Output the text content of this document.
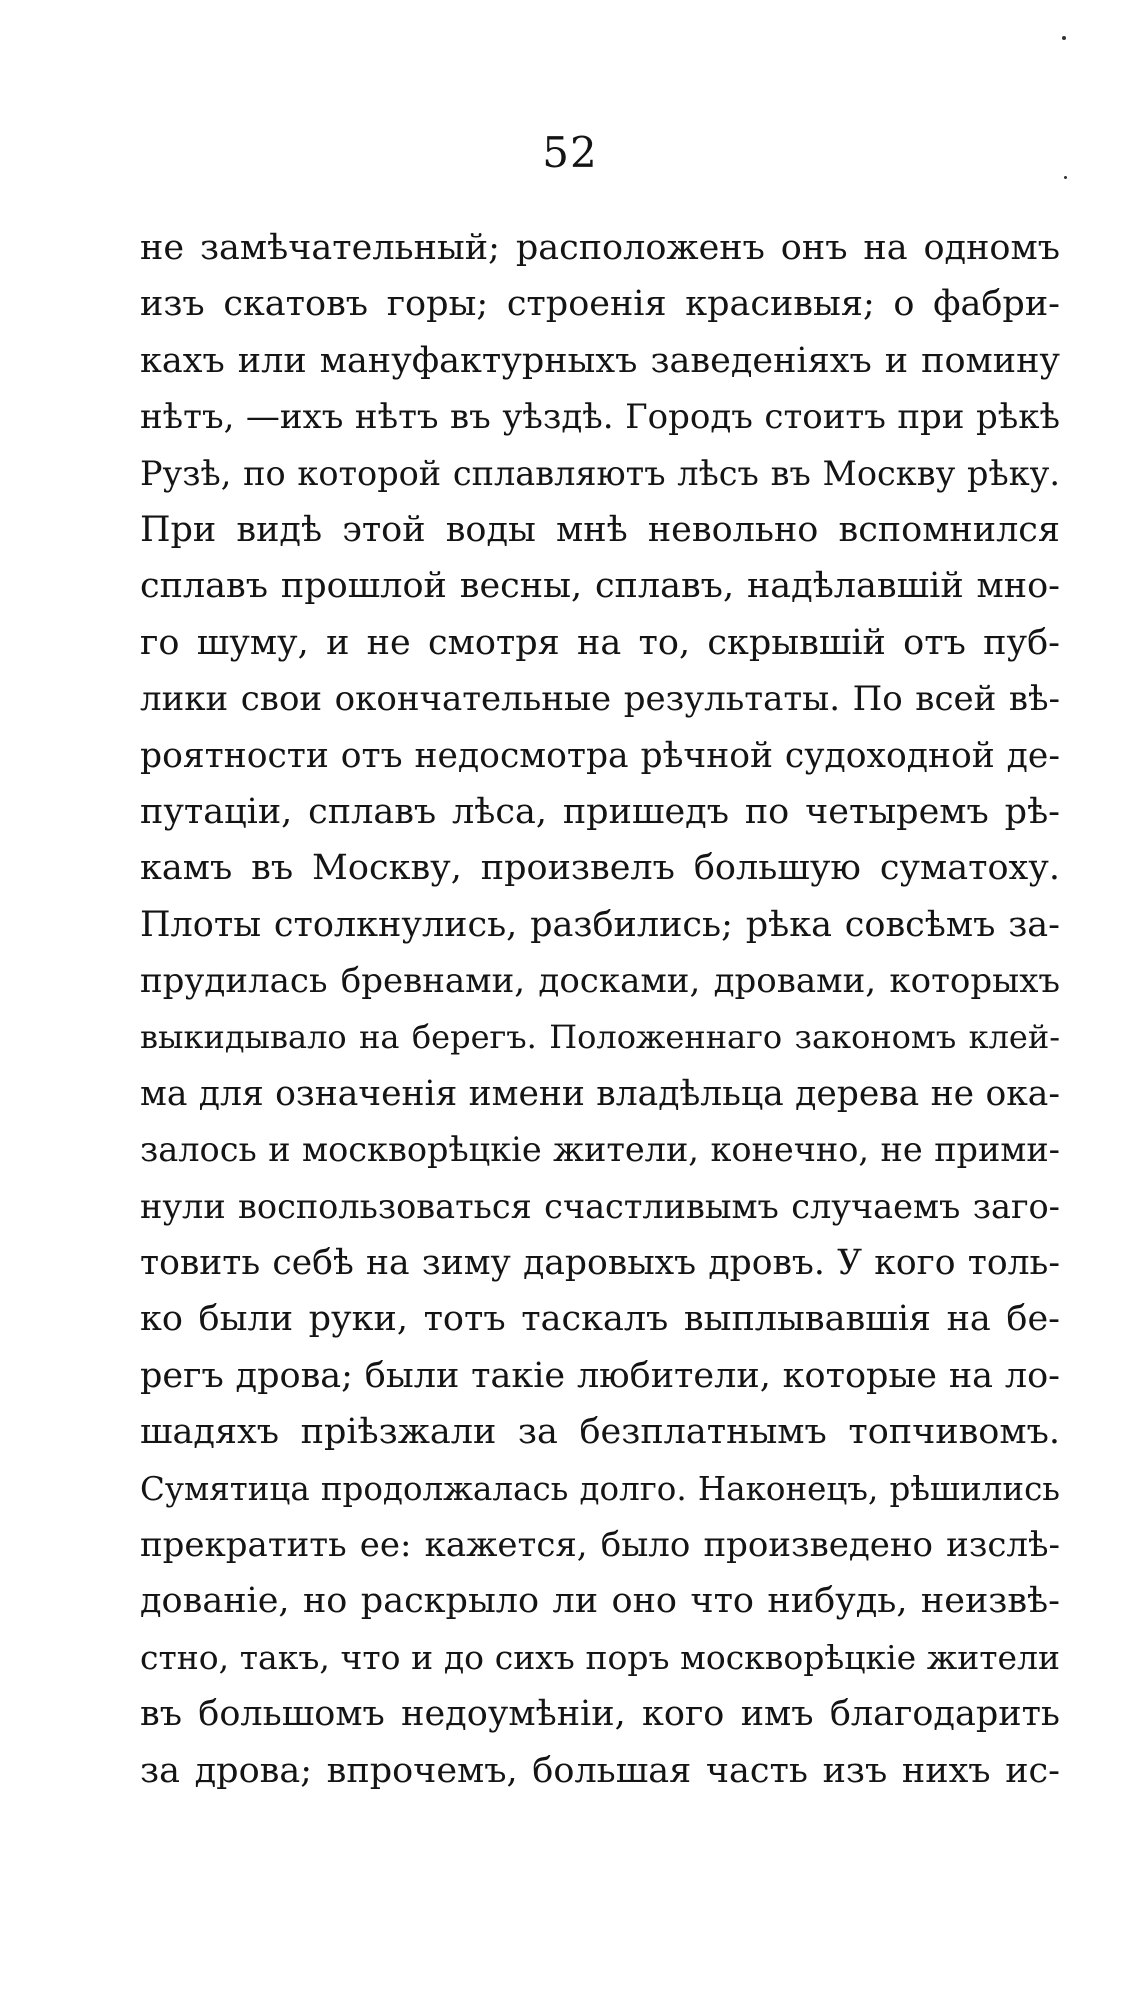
52
не замѣчательный; расположенъ онъ на одномъ
изъ скатовъ горы; строенія красивыя; о фабри-
кахъ или мануфактурныхъ заведеніяхъ и помину
нѣтъ, —ихъ нѣтъ въ уѣздѣ. Городъ стоитъ при рѣкѣ
Рузѣ, по которой сплавляютъ лѣсъ въ Москву рѣку.
При видѣ этой воды мнѣ невольно вспомнился
сплавъ прошлой весны, сплавъ, надѣлавшій мно-
го шуму, и не смотря на то, скрывшій отъ пуб-
лики свои окончательные результаты. По всей вѣ-
роятности отъ недосмотра рѣчной судоходной де-
путаціи, сплавъ лѣса, пришедъ по четыремъ рѣ-
камъ въ Москву, произвелъ большую суматоху.
Плоты столкнулись, разбились; рѣка совсѣмъ за-
прудилась бревнами, досками, дровами, которыхъ
выкидывало на берегъ. Положеннаго закономъ клей-
ма для означенія имени владѣльца дерева не ока-
залось и москворѣцкіе жители, конечно, не прими-
нули воспользоваться счастливымъ случаемъ заго-
товить себѣ на зиму даровыхъ дровъ. У кого толь-
ко были руки, тотъ таскалъ выплывавшія на бе-
регъ дрова; были такіе любители, которые на ло-
шадяхъ пріѣзжали за безплатнымъ топчивомъ.
Сумятица продолжалась долго. Наконецъ, рѣшились
прекратить ее: кажется, было произведено изслѣ-
дованіе, но раскрыло ли оно что нибудь, неизвѣ-
стно, такъ, что и до сихъ поръ москворѣцкіе жители
въ большомъ недоумѣніи, кого имъ благодарить
за дрова; впрочемъ, большая часть изъ нихъ ис-
